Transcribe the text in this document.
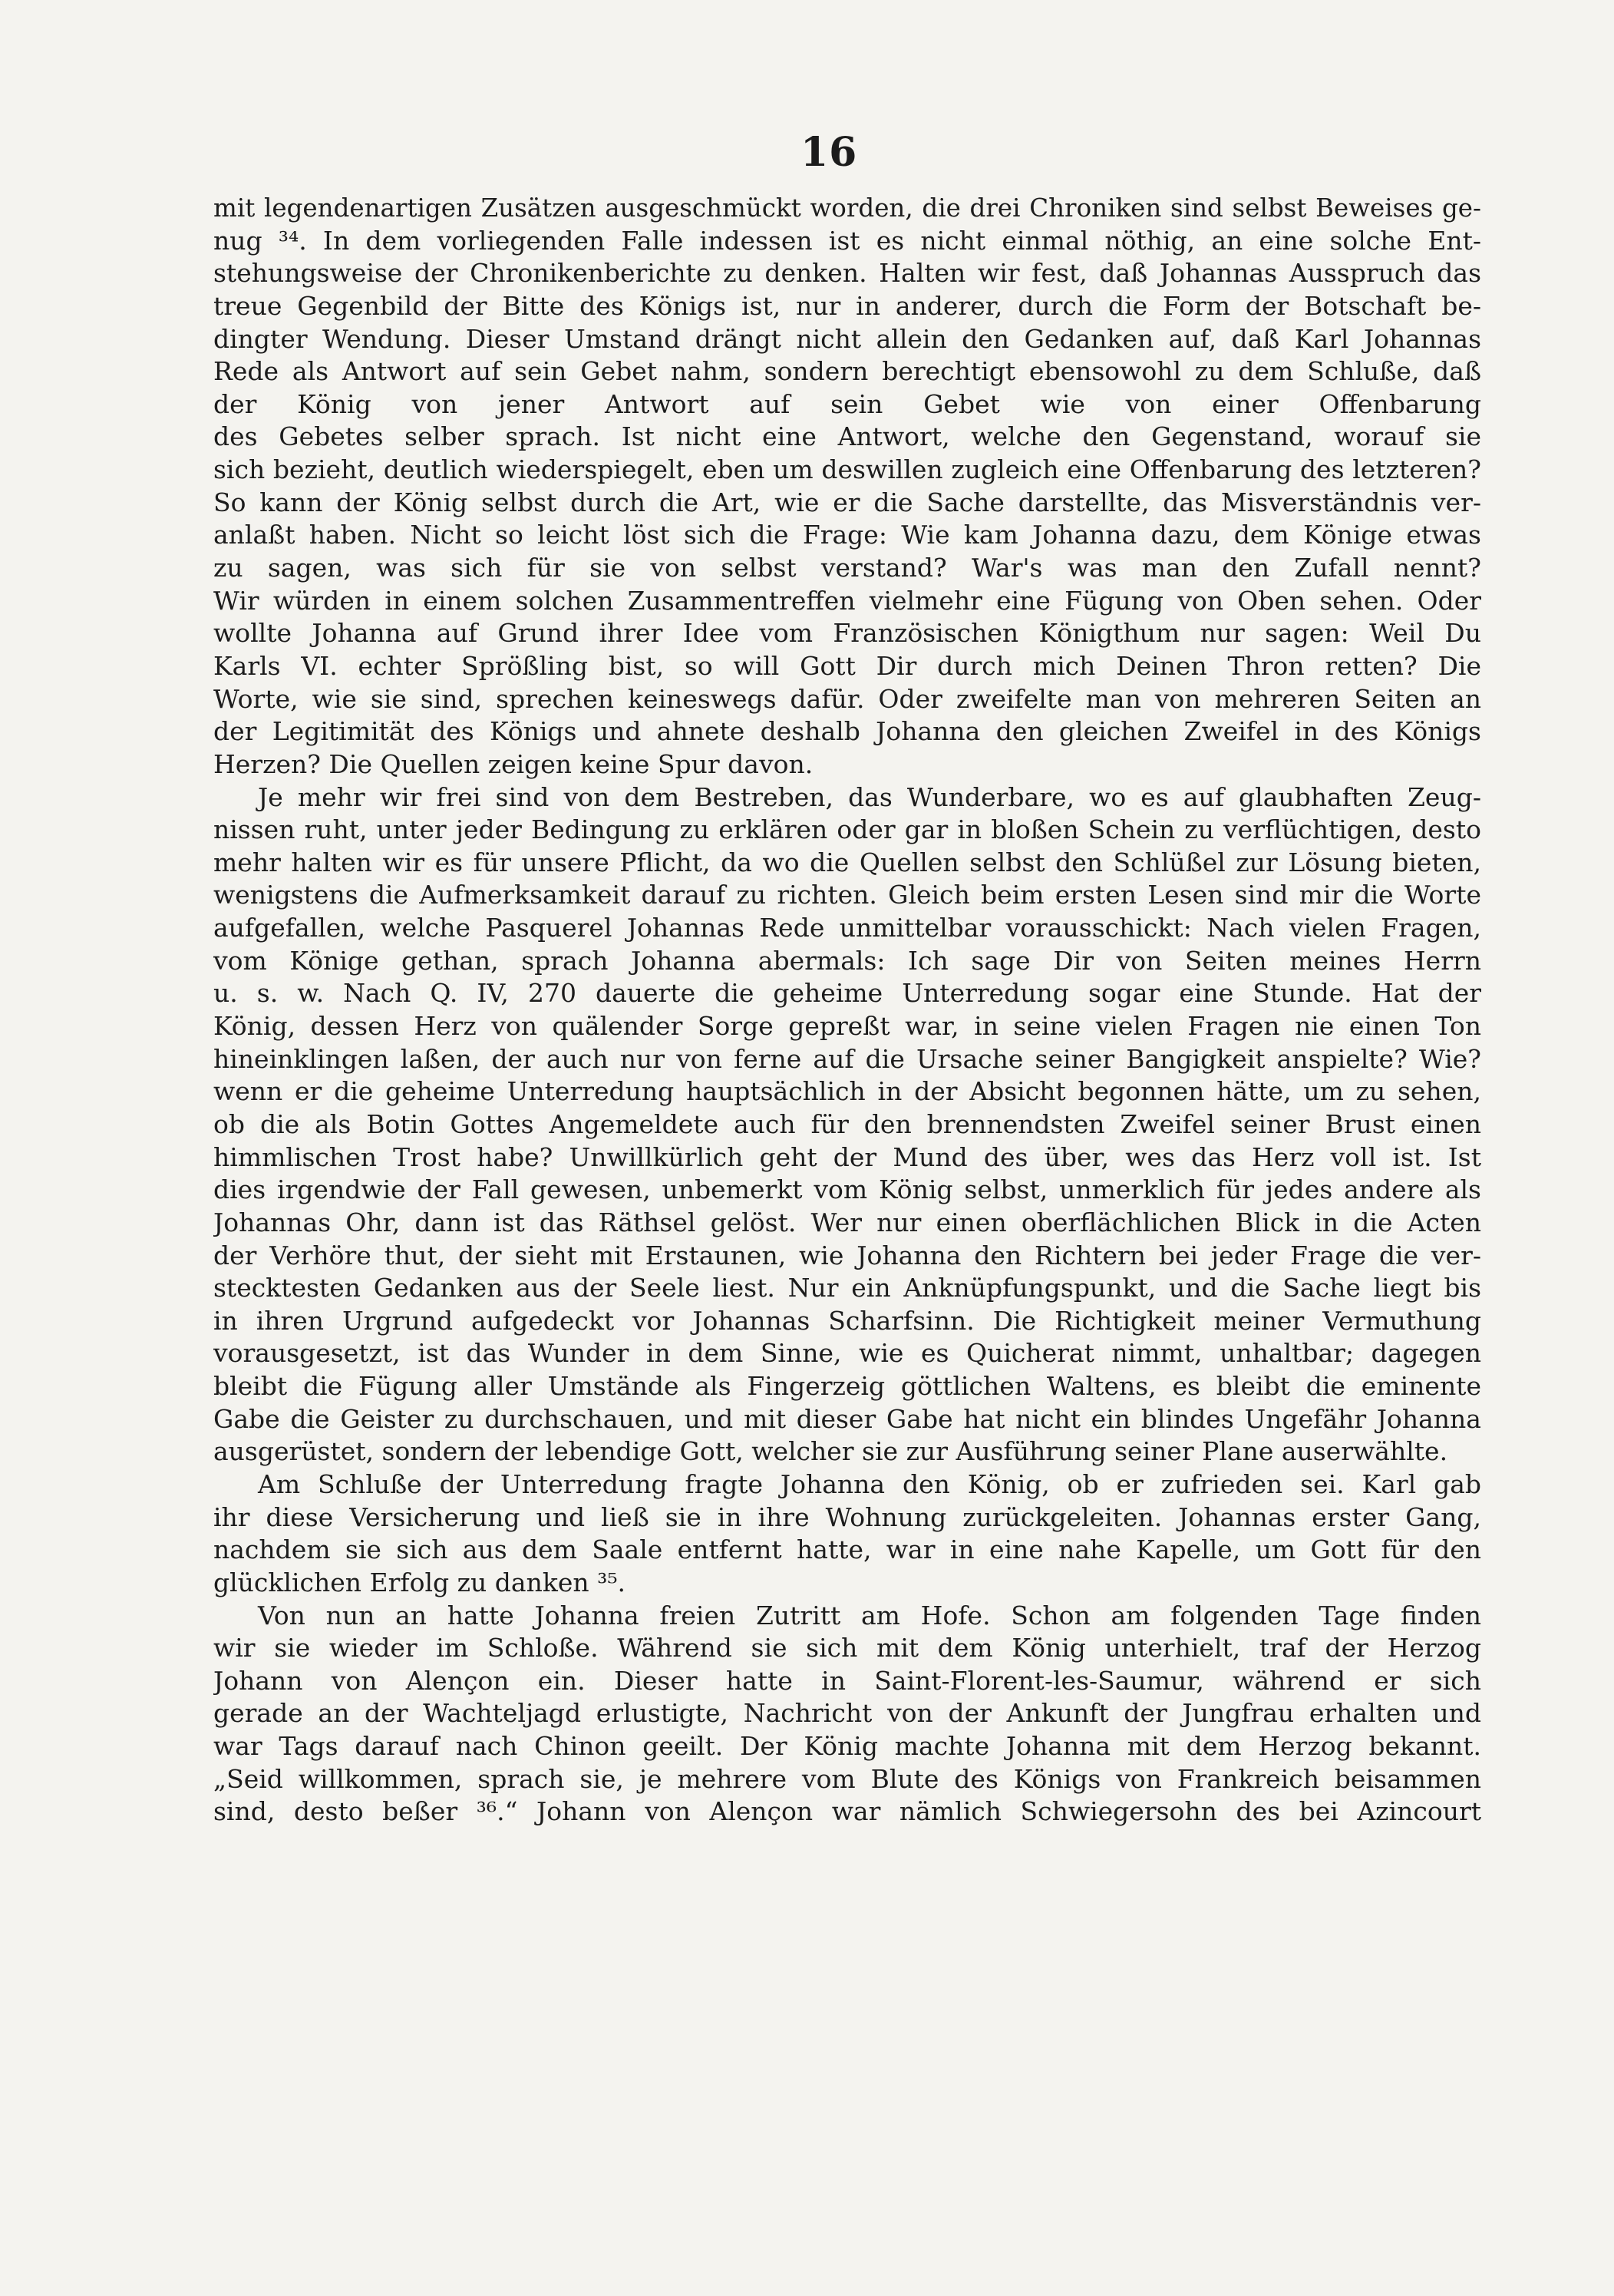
16
mit legendenartigen Zusätzen ausgeschmückt worden, die drei Chroniken sind selbst Beweises ge-
nug ³⁴. In dem vorliegenden Falle indessen ist es nicht einmal nöthig, an eine solche Ent-
stehungsweise der Chronikenberichte zu denken. Halten wir fest, daß Johannas Ausspruch das
treue Gegenbild der Bitte des Königs ist, nur in anderer, durch die Form der Botschaft be-
dingter Wendung. Dieser Umstand drängt nicht allein den Gedanken auf, daß Karl Johannas
Rede als Antwort auf sein Gebet nahm, sondern berechtigt ebensowohl zu dem Schluße, daß
der König von jener Antwort auf sein Gebet wie von einer Offenbarung
des Gebetes selber sprach. Ist nicht eine Antwort, welche den Gegenstand, worauf sie
sich bezieht, deutlich wiederspiegelt, eben um deswillen zugleich eine Offenbarung des letzteren?
So kann der König selbst durch die Art, wie er die Sache darstellte, das Misverständnis ver-
anlaßt haben. Nicht so leicht löst sich die Frage: Wie kam Johanna dazu, dem Könige etwas
zu sagen, was sich für sie von selbst verstand? War's was man den Zufall nennt?
Wir würden in einem solchen Zusammentreffen vielmehr eine Fügung von Oben sehen. Oder
wollte Johanna auf Grund ihrer Idee vom Französischen Königthum nur sagen: Weil Du
Karls VI. echter Sprößling bist, so will Gott Dir durch mich Deinen Thron retten? Die
Worte, wie sie sind, sprechen keineswegs dafür. Oder zweifelte man von mehreren Seiten an
der Legitimität des Königs und ahnete deshalb Johanna den gleichen Zweifel in des Königs
Herzen? Die Quellen zeigen keine Spur davon.
Je mehr wir frei sind von dem Bestreben, das Wunderbare, wo es auf glaubhaften Zeug-
nissen ruht, unter jeder Bedingung zu erklären oder gar in bloßen Schein zu verflüchtigen, desto
mehr halten wir es für unsere Pflicht, da wo die Quellen selbst den Schlüßel zur Lösung bieten,
wenigstens die Aufmerksamkeit darauf zu richten. Gleich beim ersten Lesen sind mir die Worte
aufgefallen, welche Pasquerel Johannas Rede unmittelbar vorausschickt: Nach vielen Fragen,
vom Könige gethan, sprach Johanna abermals: Ich sage Dir von Seiten meines Herrn
u. s. w. Nach Q. IV, 270 dauerte die geheime Unterredung sogar eine Stunde. Hat der
König, dessen Herz von quälender Sorge gepreßt war, in seine vielen Fragen nie einen Ton
hineinklingen laßen, der auch nur von ferne auf die Ursache seiner Bangigkeit anspielte? Wie?
wenn er die geheime Unterredung hauptsächlich in der Absicht begonnen hätte, um zu sehen,
ob die als Botin Gottes Angemeldete auch für den brennendsten Zweifel seiner Brust einen
himmlischen Trost habe? Unwillkürlich geht der Mund des über, wes das Herz voll ist. Ist
dies irgendwie der Fall gewesen, unbemerkt vom König selbst, unmerklich für jedes andere als
Johannas Ohr, dann ist das Räthsel gelöst. Wer nur einen oberflächlichen Blick in die Acten
der Verhöre thut, der sieht mit Erstaunen, wie Johanna den Richtern bei jeder Frage die ver-
stecktesten Gedanken aus der Seele liest. Nur ein Anknüpfungspunkt, und die Sache liegt bis
in ihren Urgrund aufgedeckt vor Johannas Scharfsinn. Die Richtigkeit meiner Vermuthung
vorausgesetzt, ist das Wunder in dem Sinne, wie es Quicherat nimmt, unhaltbar; dagegen
bleibt die Fügung aller Umstände als Fingerzeig göttlichen Waltens, es bleibt die eminente
Gabe die Geister zu durchschauen, und mit dieser Gabe hat nicht ein blindes Ungefähr Johanna
ausgerüstet, sondern der lebendige Gott, welcher sie zur Ausführung seiner Plane auserwählte.
Am Schluße der Unterredung fragte Johanna den König, ob er zufrieden sei. Karl gab
ihr diese Versicherung und ließ sie in ihre Wohnung zurückgeleiten. Johannas erster Gang,
nachdem sie sich aus dem Saale entfernt hatte, war in eine nahe Kapelle, um Gott für den
glücklichen Erfolg zu danken ³⁵.
Von nun an hatte Johanna freien Zutritt am Hofe. Schon am folgenden Tage finden
wir sie wieder im Schloße. Während sie sich mit dem König unterhielt, traf der Herzog
Johann von Alençon ein. Dieser hatte in Saint-Florent-les-Saumur, während er sich
gerade an der Wachteljagd erlustigte, Nachricht von der Ankunft der Jungfrau erhalten und
war Tags darauf nach Chinon geeilt. Der König machte Johanna mit dem Herzog bekannt.
„Seid willkommen, sprach sie, je mehrere vom Blute des Königs von Frankreich beisammen
sind, desto beßer ³⁶.“ Johann von Alençon war nämlich Schwiegersohn des bei Azincourt
